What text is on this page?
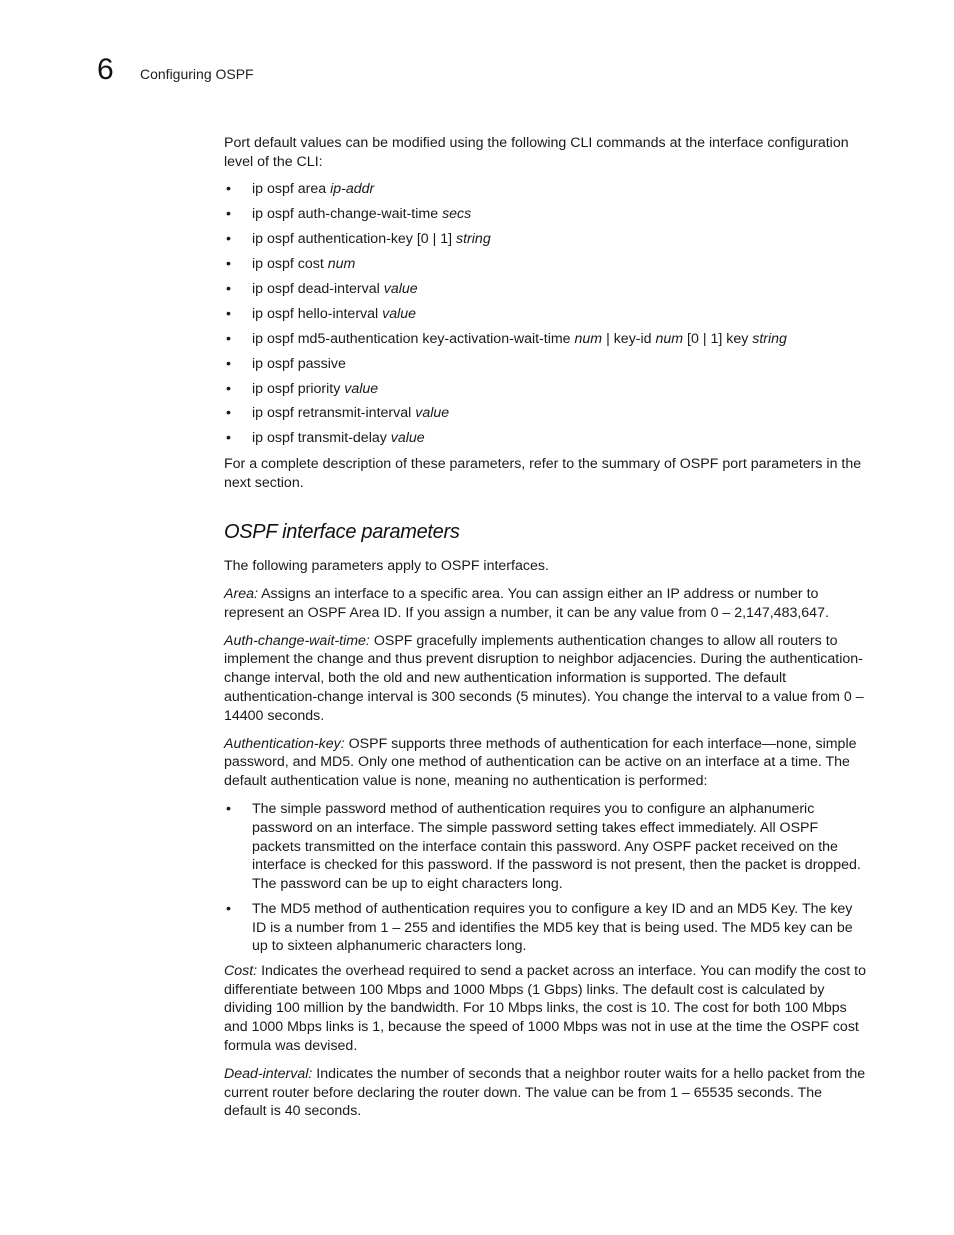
6 Configuring OSPF

Port default values can be modified using the following CLI commands at the interface configuration level of the CLI:

• ip ospf area ip-addr
• ip ospf auth-change-wait-time secs
• ip ospf authentication-key [0 | 1] string
• ip ospf cost num
• ip ospf dead-interval value
• ip ospf hello-interval value
• ip ospf md5-authentication key-activation-wait-time num | key-id num [0 | 1] key string
• ip ospf passive
• ip ospf priority value
• ip ospf retransmit-interval value
• ip ospf transmit-delay value

For a complete description of these parameters, refer to the summary of OSPF port parameters in the next section.

OSPF interface parameters

The following parameters apply to OSPF interfaces.

Area: Assigns an interface to a specific area. You can assign either an IP address or number to represent an OSPF Area ID. If you assign a number, it can be any value from 0 – 2,147,483,647.

Auth-change-wait-time: OSPF gracefully implements authentication changes to allow all routers to implement the change and thus prevent disruption to neighbor adjacencies. During the authentication-change interval, both the old and new authentication information is supported. The default authentication-change interval is 300 seconds (5 minutes). You change the interval to a value from 0 – 14400 seconds.

Authentication-key: OSPF supports three methods of authentication for each interface—none, simple password, and MD5. Only one method of authentication can be active on an interface at a time. The default authentication value is none, meaning no authentication is performed:

• The simple password method of authentication requires you to configure an alphanumeric password on an interface. The simple password setting takes effect immediately. All OSPF packets transmitted on the interface contain this password. Any OSPF packet received on the interface is checked for this password. If the password is not present, then the packet is dropped. The password can be up to eight characters long.
• The MD5 method of authentication requires you to configure a key ID and an MD5 Key. The key ID is a number from 1 – 255 and identifies the MD5 key that is being used. The MD5 key can be up to sixteen alphanumeric characters long.

Cost: Indicates the overhead required to send a packet across an interface. You can modify the cost to differentiate between 100 Mbps and 1000 Mbps (1 Gbps) links. The default cost is calculated by dividing 100 million by the bandwidth. For 10 Mbps links, the cost is 10. The cost for both 100 Mbps and 1000 Mbps links is 1, because the speed of 1000 Mbps was not in use at the time the OSPF cost formula was devised.

Dead-interval: Indicates the number of seconds that a neighbor router waits for a hello packet from the current router before declaring the router down. The value can be from 1 – 65535 seconds. The default is 40 seconds.
